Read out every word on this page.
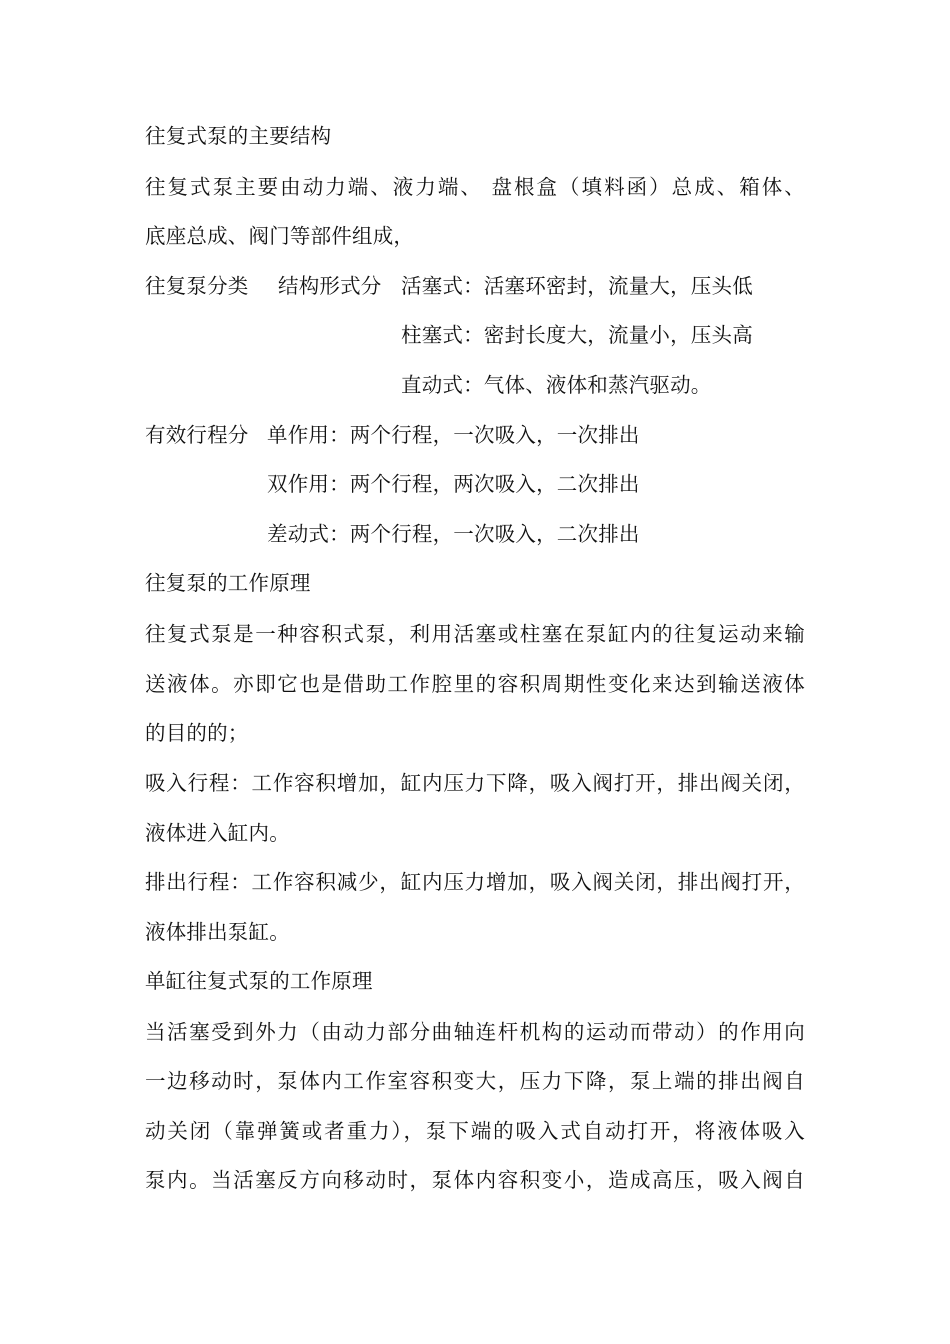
往复式泵的主要结构
往复式泵主要由动力端、液力端、 盘根盒（填料函）总成、箱体、
底座总成、阀门等部件组成，
往复泵分类 结构形式分 活塞式：活塞环密封，流量大，压头低
柱塞式：密封长度大，流量小，压头高
直动式：气体、液体和蒸汽驱动。
有效行程分 单作用：两个行程，一次吸入，一次排出
双作用：两个行程，两次吸入，二次排出
差动式：两个行程，一次吸入，二次排出
往复泵的工作原理
往复式泵是一种容积式泵，利用活塞或柱塞在泵缸内的往复运动来输
送液体。亦即它也是借助工作腔里的容积周期性变化来达到输送液体
的目的的；
吸入行程：工作容积增加，缸内压力下降，吸入阀打开，排出阀关闭，
液体进入缸内。
排出行程：工作容积减少，缸内压力增加，吸入阀关闭，排出阀打开，
液体排出泵缸。
单缸往复式泵的工作原理
当活塞受到外力（由动力部分曲轴连杆机构的运动而带动）的作用向
一边移动时，泵体内工作室容积变大，压力下降，泵上端的排出阀自
动关闭（靠弹簧或者重力），泵下端的吸入式自动打开，将液体吸入
泵内。当活塞反方向移动时，泵体内容积变小，造成高压，吸入阀自
